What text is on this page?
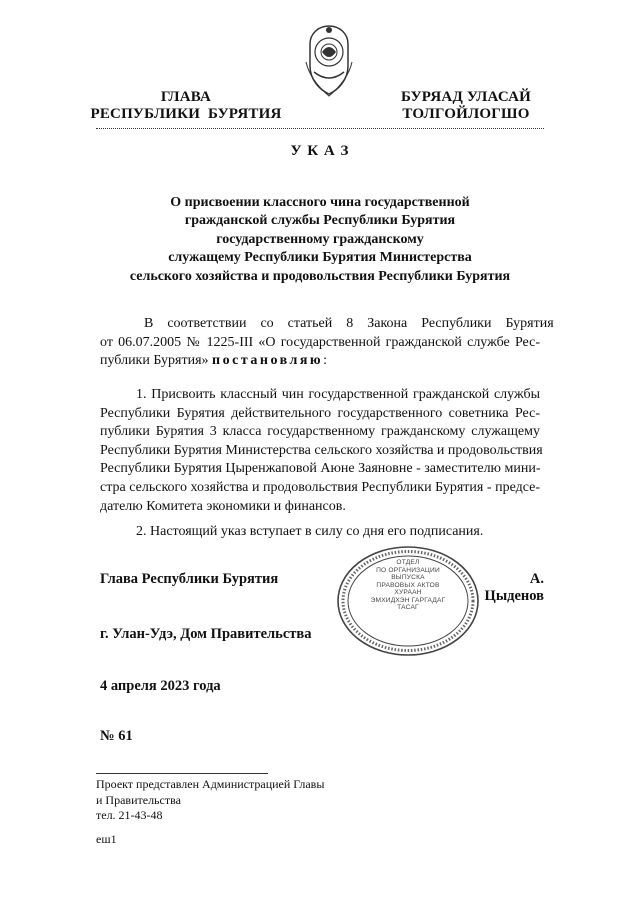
ГЛАВА
РЕСПУБЛИКИ  БУРЯТИЯ
БУРЯАД УЛАСАЙ
ТОЛГОЙЛОГШО
У К А З
О присвоении классного чина государственной
гражданской службы Республики Бурятия
государственному гражданскому
служащему Республики Бурятия Министерства
сельского хозяйства и продовольствия Республики Бурятия
В    соответствии    со    статьей    8    Закона    Республики    Бурятия
от 06.07.2005 № 1225-III «О государственной гражданской службе Рес-
публики Бурятия» постановляю:
1. Присвоить классный чин государственной гражданской службы
Республики Бурятия действительного государственного советника Рес-
публики Бурятия 3 класса государственному гражданскому служащему
Республики Бурятия Министерства сельского хозяйства и продовольствия
Республики Бурятия Цыренжаповой Аюне Заяновне - заместителю мини-
стра сельского хозяйства и продовольствия Республики Бурятия - предсе-
дателю Комитета экономики и финансов.
2. Настоящий указ вступает в силу со дня его подписания.
Глава Республики Бурятия	А. Цыденов
ОТДЕЛ
ПО ОРГАНИЗАЦИИ
ВЫПУСКА
ПРАВОВЫХ АКТОВ
ХУРААН
ЭМХИДХЭН ГАРГАДАГ
ТАСАГ
г. Улан-Удэ, Дом Правительства
4 апреля 2023 года
№ 61
Проект представлен Администрацией Главы
и Правительства
тел. 21-43-48
еш1
